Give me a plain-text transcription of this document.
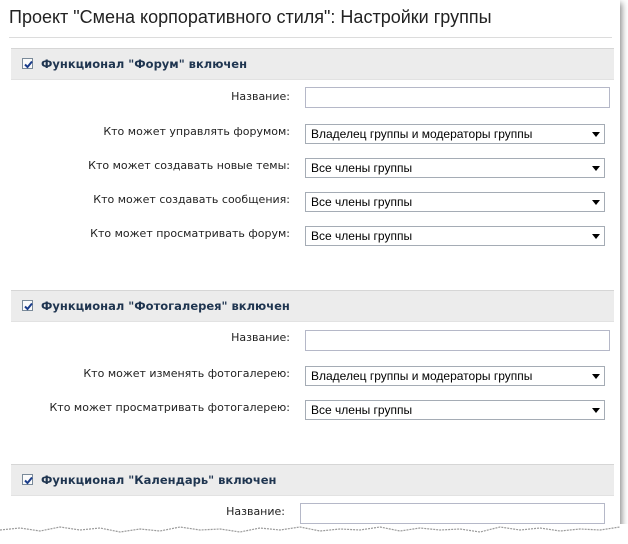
Проект "Смена корпоративного стиля": Настройки группы
Функционал "Форум" включен
Название:
Кто может управлять форумом:	Владелец группы и модераторы группы
Кто может создавать новые темы:	Все члены группы
Кто может создавать сообщения:	Все члены группы
Кто может просматривать форум:	Все члены группы
Функционал "Фотогалерея" включен
Название:
Кто может изменять фотогалерею:	Владелец группы и модераторы группы
Кто может просматривать фотогалерею:	Все члены группы
Функционал "Календарь" включен
Название:
